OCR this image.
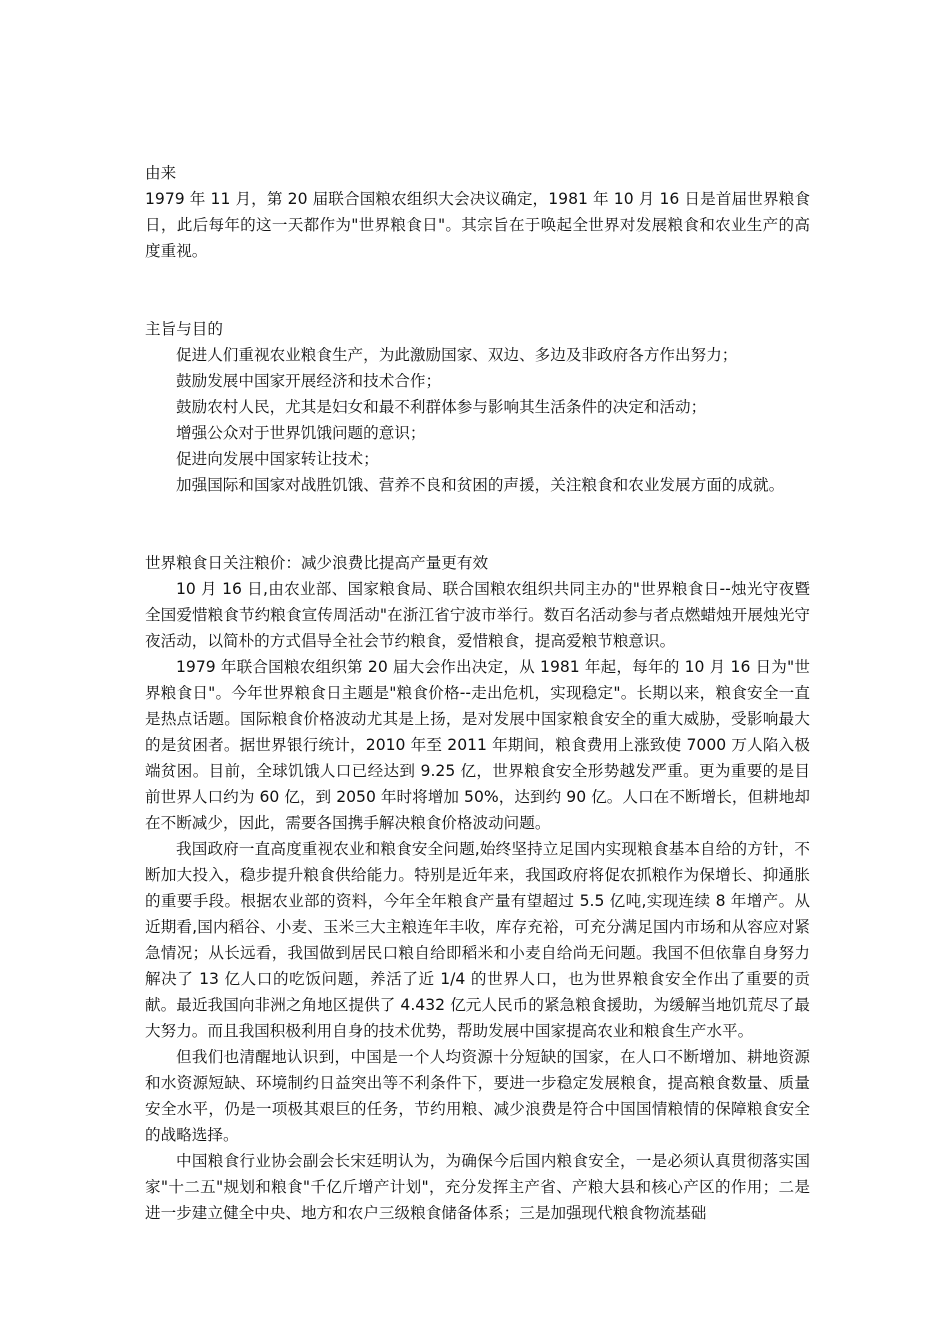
由来

1979 年 11 月，第 20 届联合国粮农组织大会决议确定，1981 年 10 月 16 日是首届世界粮食日，此后每年的这一天都作为"世界粮食日"。其宗旨在于唤起全世界对发展粮食和农业生产的高度重视。

主旨与目的

促进人们重视农业粮食生产，为此激励国家、双边、多边及非政府各方作出努力；

鼓励发展中国家开展经济和技术合作；

鼓励农村人民，尤其是妇女和最不利群体参与影响其生活条件的决定和活动；

增强公众对于世界饥饿问题的意识；

促进向发展中国家转让技术；

加强国际和国家对战胜饥饿、营养不良和贫困的声援，关注粮食和农业发展方面的成就。

世界粮食日关注粮价：减少浪费比提高产量更有效

10 月 16 日,由农业部、国家粮食局、联合国粮农组织共同主办的"世界粮食日--烛光守夜暨全国爱惜粮食节约粮食宣传周活动"在浙江省宁波市举行。数百名活动参与者点燃蜡烛开展烛光守夜活动，以简朴的方式倡导全社会节约粮食，爱惜粮食，提高爱粮节粮意识。

1979 年联合国粮农组织第 20 届大会作出决定，从 1981 年起，每年的 10 月 16 日为"世界粮食日"。今年世界粮食日主题是"粮食价格--走出危机，实现稳定"。长期以来，粮食安全一直是热点话题。国际粮食价格波动尤其是上扬，是对发展中国家粮食安全的重大威胁，受影响最大的是贫困者。据世界银行统计，2010 年至 2011 年期间，粮食费用上涨致使 7000 万人陷入极端贫困。目前，全球饥饿人口已经达到 9.25 亿，世界粮食安全形势越发严重。更为重要的是目前世界人口约为 60 亿，到 2050 年时将增加 50%，达到约 90 亿。人口在不断增长，但耕地却在不断减少，因此，需要各国携手解决粮食价格波动问题。

我国政府一直高度重视农业和粮食安全问题,始终坚持立足国内实现粮食基本自给的方针，不断加大投入，稳步提升粮食供给能力。特别是近年来，我国政府将促农抓粮作为保增长、抑通胀的重要手段。根据农业部的资料，今年全年粮食产量有望超过 5.5 亿吨,实现连续 8 年增产。从近期看,国内稻谷、小麦、玉米三大主粮连年丰收，库存充裕，可充分满足国内市场和从容应对紧急情况；从长远看，我国做到居民口粮自给即稻米和小麦自给尚无问题。我国不但依靠自身努力解决了 13 亿人口的吃饭问题，养活了近 1/4 的世界人口，也为世界粮食安全作出了重要的贡献。最近我国向非洲之角地区提供了 4.432 亿元人民币的紧急粮食援助，为缓解当地饥荒尽了最大努力。而且我国积极利用自身的技术优势，帮助发展中国家提高农业和粮食生产水平。

但我们也清醒地认识到，中国是一个人均资源十分短缺的国家，在人口不断增加、耕地资源和水资源短缺、环境制约日益突出等不利条件下，要进一步稳定发展粮食，提高粮食数量、质量安全水平，仍是一项极其艰巨的任务，节约用粮、减少浪费是符合中国国情粮情的保障粮食安全的战略选择。

中国粮食行业协会副会长宋廷明认为，为确保今后国内粮食安全，一是必须认真贯彻落实国家"十二五"规划和粮食"千亿斤增产计划"，充分发挥主产省、产粮大县和核心产区的作用；二是进一步建立健全中央、地方和农户三级粮食储备体系；三是加强现代粮食物流基础
